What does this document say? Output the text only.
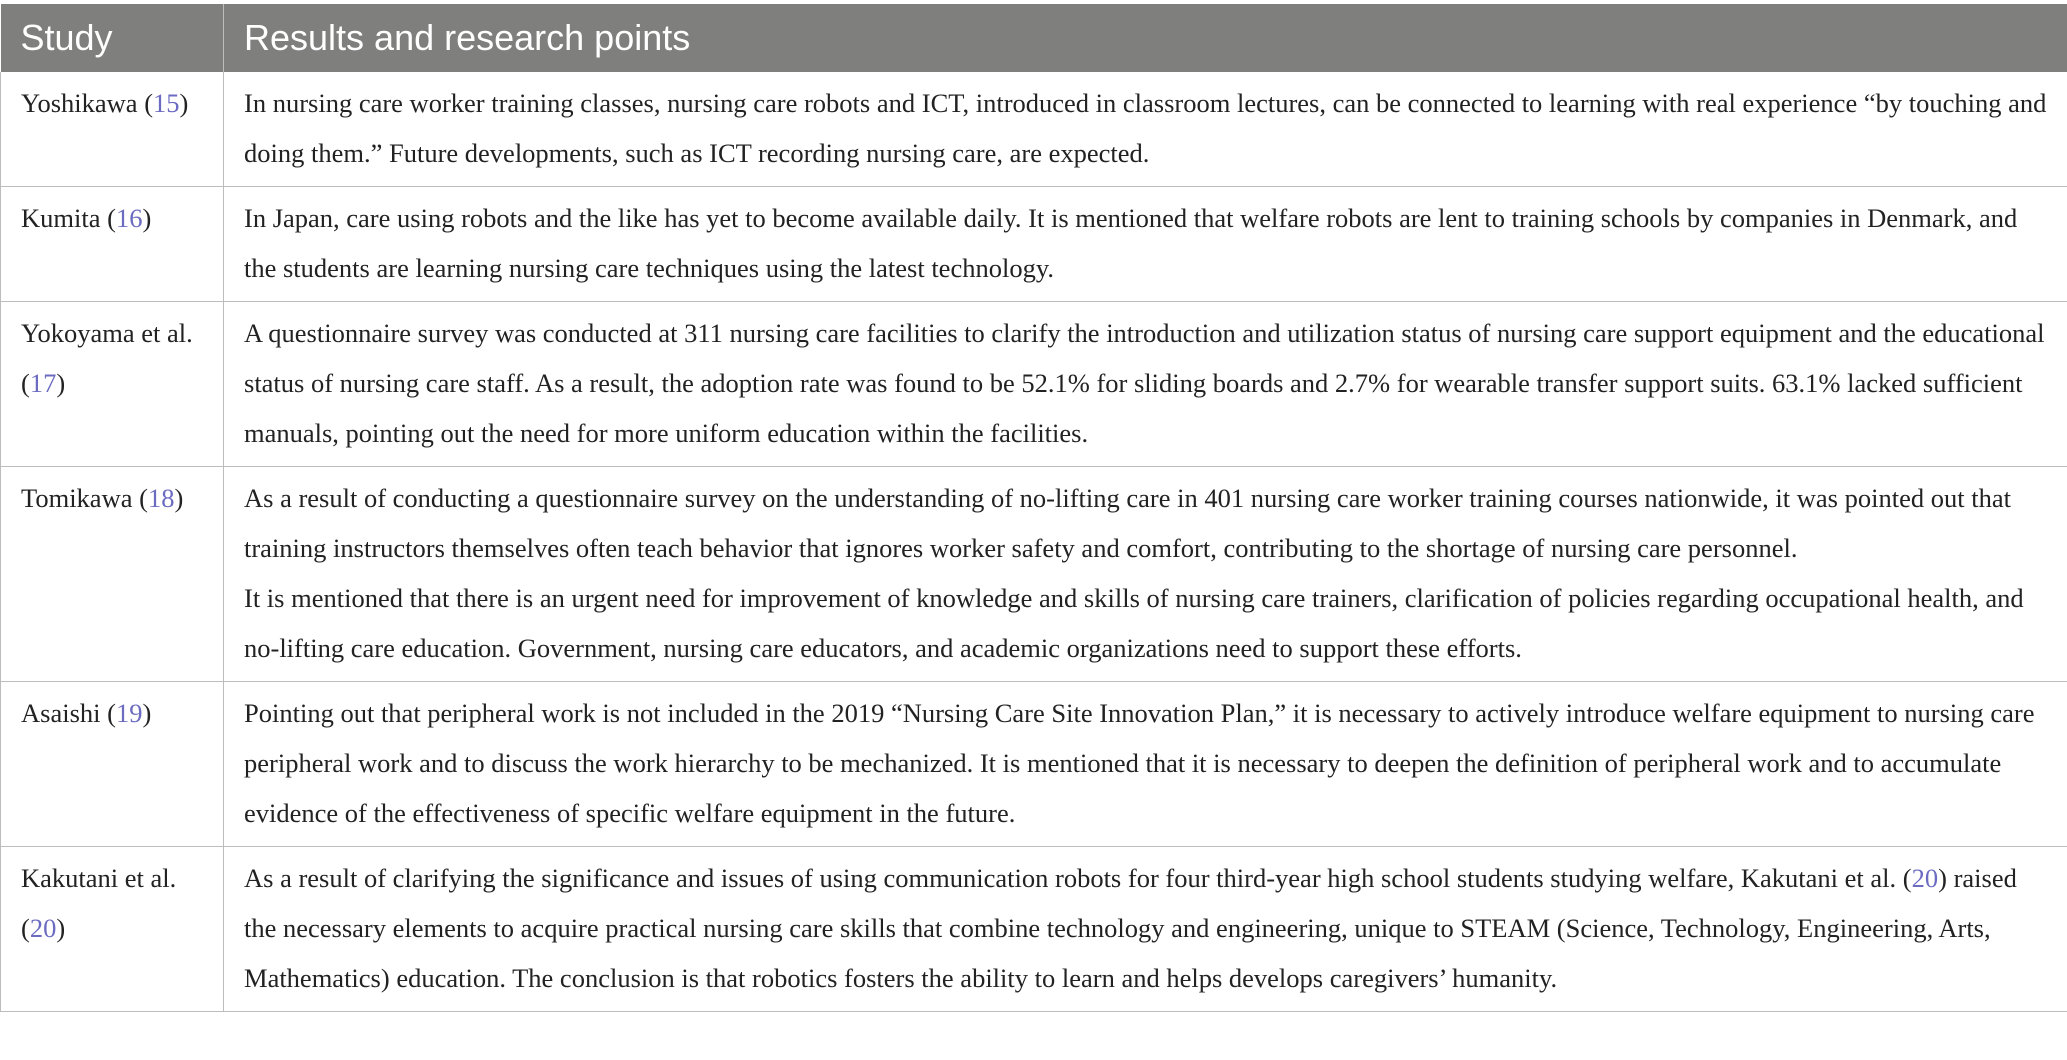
Study	Results and research points
Yoshikawa (15)	In nursing care worker training classes, nursing care robots and ICT, introduced in classroom lectures, can be connected to learning with real experience “by touching and doing them.” Future developments, such as ICT recording nursing care, are expected.
Kumita (16)	In Japan, care using robots and the like has yet to become available daily. It is mentioned that welfare robots are lent to training schools by companies in Denmark, and the students are learning nursing care techniques using the latest technology.
Yokoyama et al. (17)	A questionnaire survey was conducted at 311 nursing care facilities to clarify the introduction and utilization status of nursing care support equipment and the educational status of nursing care staff. As a result, the adoption rate was found to be 52.1% for sliding boards and 2.7% for wearable transfer support suits. 63.1% lacked sufficient manuals, pointing out the need for more uniform education within the facilities.
Tomikawa (18)	As a result of conducting a questionnaire survey on the understanding of no-lifting care in 401 nursing care worker training courses nationwide, it was pointed out that training instructors themselves often teach behavior that ignores worker safety and comfort, contributing to the shortage of nursing care personnel.
It is mentioned that there is an urgent need for improvement of knowledge and skills of nursing care trainers, clarification of policies regarding occupational health, and no-lifting care education. Government, nursing care educators, and academic organizations need to support these efforts.

Asaishi (19)	Pointing out that peripheral work is not included in the 2019 “Nursing Care Site Innovation Plan,” it is necessary to actively introduce welfare equipment to nursing care peripheral work and to discuss the work hierarchy to be mechanized. It is mentioned that it is necessary to deepen the definition of peripheral work and to accumulate evidence of the effectiveness of specific welfare equipment in the future.
Kakutani et al. (20)	As a result of clarifying the significance and issues of using communication robots for four third-year high school students studying welfare, Kakutani et al. (20) raised the necessary elements to acquire practical nursing care skills that combine technology and engineering, unique to STEAM (Science, Technology, Engineering, Arts, Mathematics) education. The conclusion is that robotics fosters the ability to learn and helps develops caregivers’ humanity.
